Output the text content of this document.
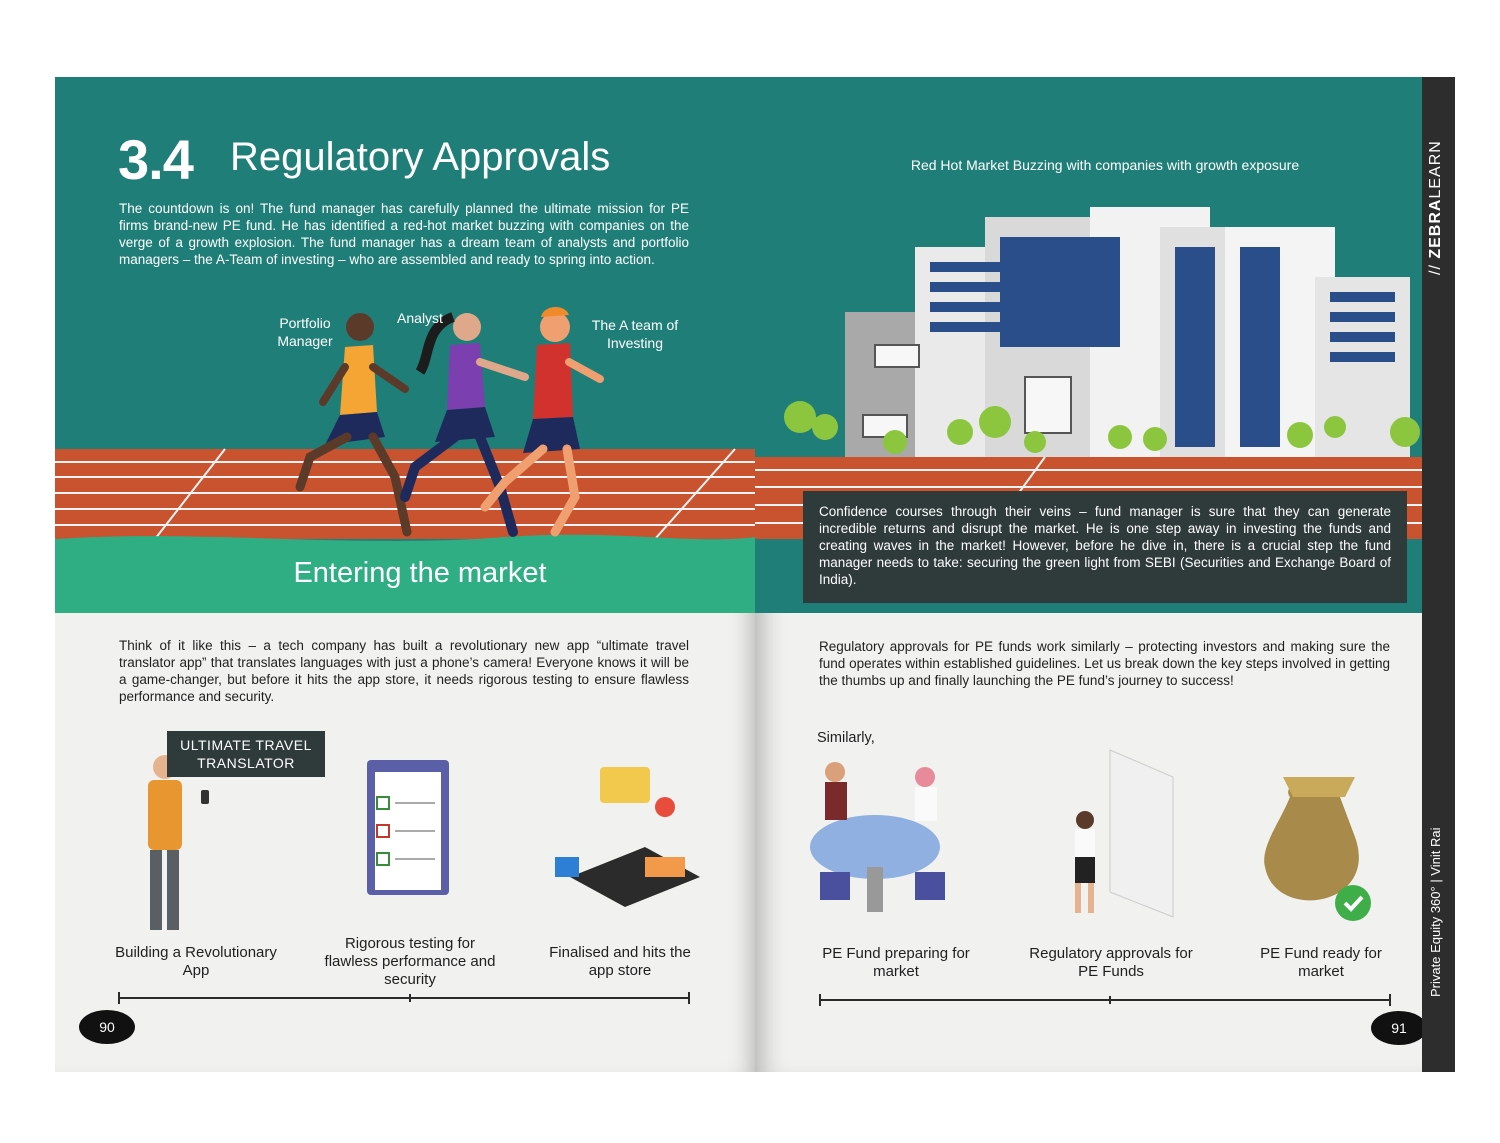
3.4 Regulatory Approvals
The countdown is on! The fund manager has carefully planned the ultimate mission for PE firms brand-new PE fund. He has identified a red-hot market buzzing with companies on the verge of a growth explosion. The fund manager has a dream team of analysts and portfolio managers – the A-Team of investing – who are assembled and ready to spring into action.
Portfolio Manager
Analyst	The A team of Investing
Entering the market
Think of it like this – a tech company has built a revolutionary new app “ultimate travel translator app” that translates languages with just a phone’s camera! Everyone knows it will be a game-changer, but before it hits the app store, it needs rigorous testing to ensure flawless performance and security.
ULTIMATE TRAVEL TRANSLATOR
Building a Revolutionary App
Rigorous testing for flawless performance and security
Finalised and hits the app store
90
Red Hot Market Buzzing with companies with growth exposure
Confidence courses through their veins – fund manager is sure that they can generate incredible returns and disrupt the market. He is one step away in investing the funds and creating waves in the market! However, before he dive in, there is a crucial step the fund manager needs to take: securing the green light from SEBI (Securities and Exchange Board of India).
Regulatory approvals for PE funds work similarly – protecting investors and making sure the fund operates within established guidelines. Let us break down the key steps involved in getting the thumbs up and finally launching the PE fund’s journey to success!
Similarly,
PE Fund preparing for market
Regulatory approvals for PE Funds
PE Fund ready for market
91
// ZEBRALEARN
Private Equity 360° | Vinit Rai
